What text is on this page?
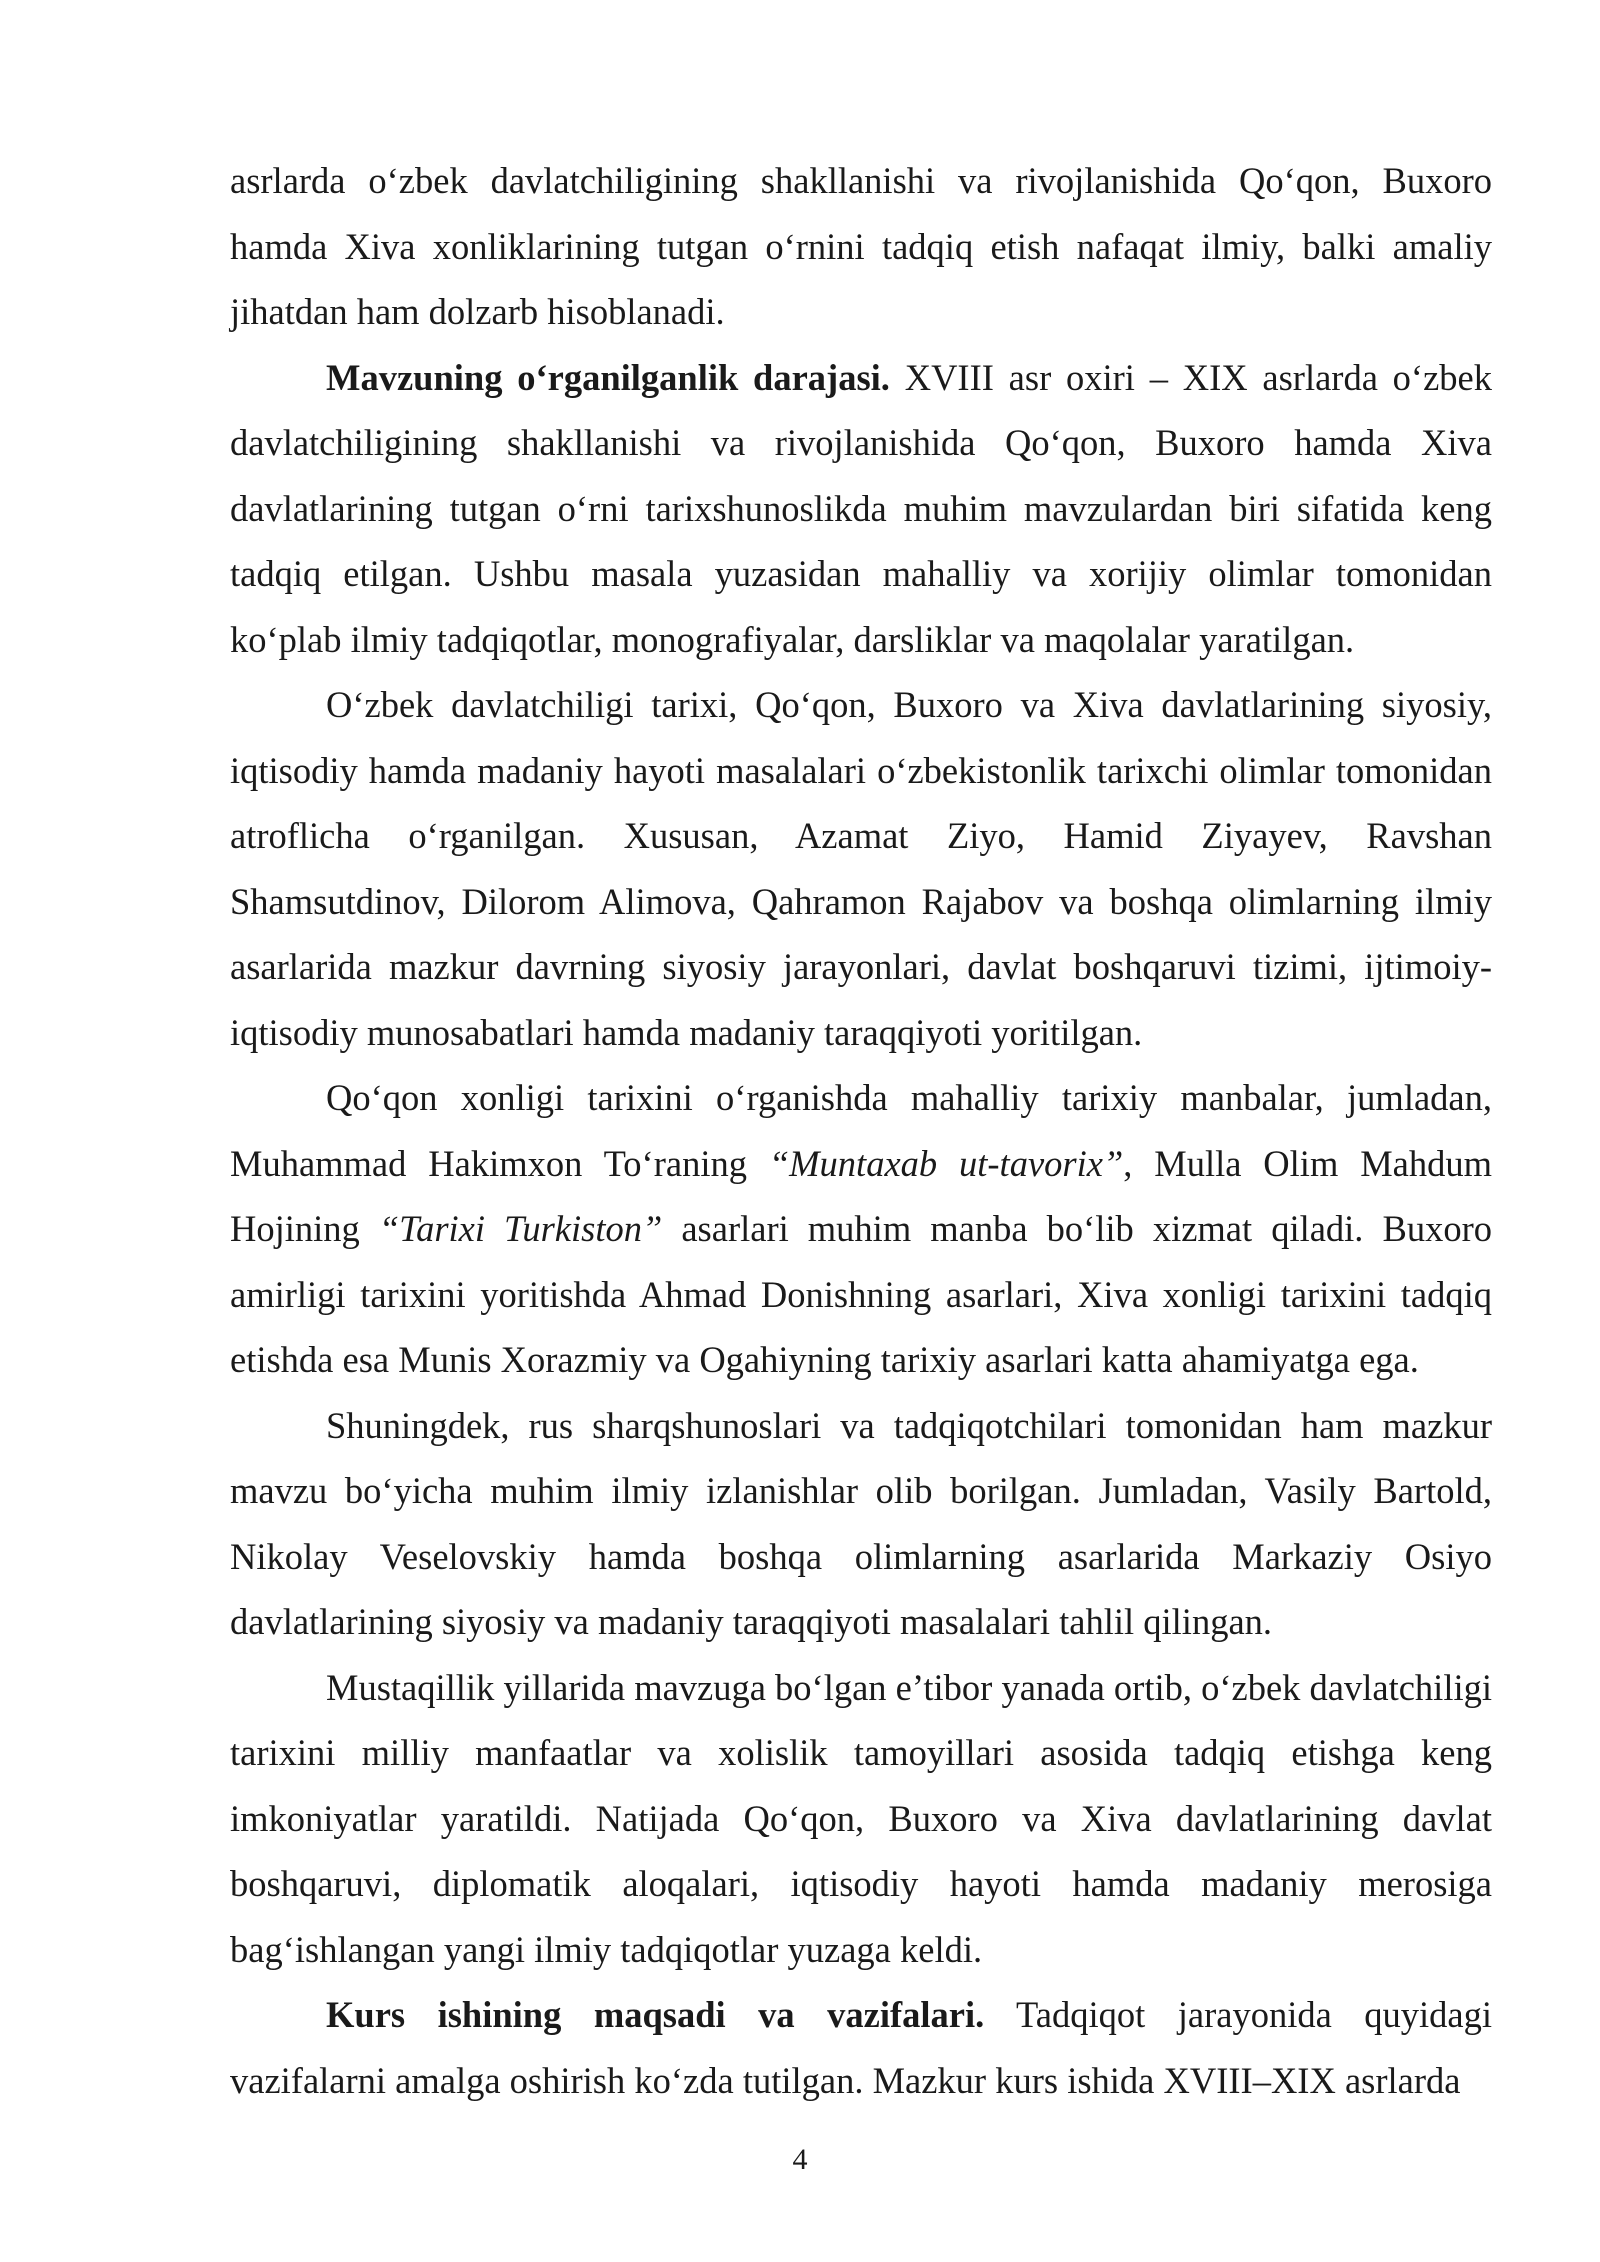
asrlarda o‘zbek davlatchiligining shakllanishi va rivojlanishida Qo‘qon, Buxoro hamda Xiva xonliklarining tutgan o‘rnini tadqiq etish nafaqat ilmiy, balki amaliy jihatdan ham dolzarb hisoblanadi.

Mavzuning o‘rganilganlik darajasi. XVIII asr oxiri – XIX asrlarda o‘zbek davlatchiligining shakllanishi va rivojlanishida Qo‘qon, Buxoro hamda Xiva davlatlarining tutgan o‘rni tarixshunoslikda muhim mavzulardan biri sifatida keng tadqiq etilgan. Ushbu masala yuzasidan mahalliy va xorijiy olimlar tomonidan ko‘plab ilmiy tadqiqotlar, monografiyalar, darsliklar va maqolalar yaratilgan.

O‘zbek davlatchiligi tarixi, Qo‘qon, Buxoro va Xiva davlatlarining siyosiy, iqtisodiy hamda madaniy hayoti masalalari o‘zbekistonlik tarixchi olimlar tomonidan atroflicha o‘rganilgan. Xususan, Azamat Ziyo, Hamid Ziyayev, Ravshan Shamsutdinov, Dilorom Alimova, Qahramon Rajabov va boshqa olimlarning ilmiy asarlarida mazkur davrning siyosiy jarayonlari, davlat boshqaruvi tizimi, ijtimoiy-iqtisodiy munosabatlari hamda madaniy taraqqiyoti yoritilgan.

Qo‘qon xonligi tarixini o‘rganishda mahalliy tarixiy manbalar, jumladan, Muhammad Hakimxon To‘raning “Muntaxab ut-tavorix”, Mulla Olim Mahdum Hojining “Tarixi Turkiston” asarlari muhim manba bo‘lib xizmat qiladi. Buxoro amirligi tarixini yoritishda Ahmad Donishning asarlari, Xiva xonligi tarixini tadqiq etishda esa Munis Xorazmiy va Ogahiyning tarixiy asarlari katta ahamiyatga ega.

Shuningdek, rus sharqshunoslari va tadqiqotchilari tomonidan ham mazkur mavzu bo‘yicha muhim ilmiy izlanishlar olib borilgan. Jumladan, Vasily Bartold, Nikolay Veselovskiy hamda boshqa olimlarning asarlarida Markaziy Osiyo davlatlarining siyosiy va madaniy taraqqiyoti masalalari tahlil qilingan.

Mustaqillik yillarida mavzuga bo‘lgan e’tibor yanada ortib, o‘zbek davlatchiligi tarixini milliy manfaatlar va xolislik tamoyillari asosida tadqiq etishga keng imkoniyatlar yaratildi. Natijada Qo‘qon, Buxoro va Xiva davlatlarining davlat boshqaruvi, diplomatik aloqalari, iqtisodiy hayoti hamda madaniy merosiga bag‘ishlangan yangi ilmiy tadqiqotlar yuzaga keldi.

Kurs ishining maqsadi va vazifalari. Tadqiqot jarayonida quyidagi vazifalarni amalga oshirish ko‘zda tutilgan. Mazkur kurs ishida XVIII–XIX asrlarda

4
